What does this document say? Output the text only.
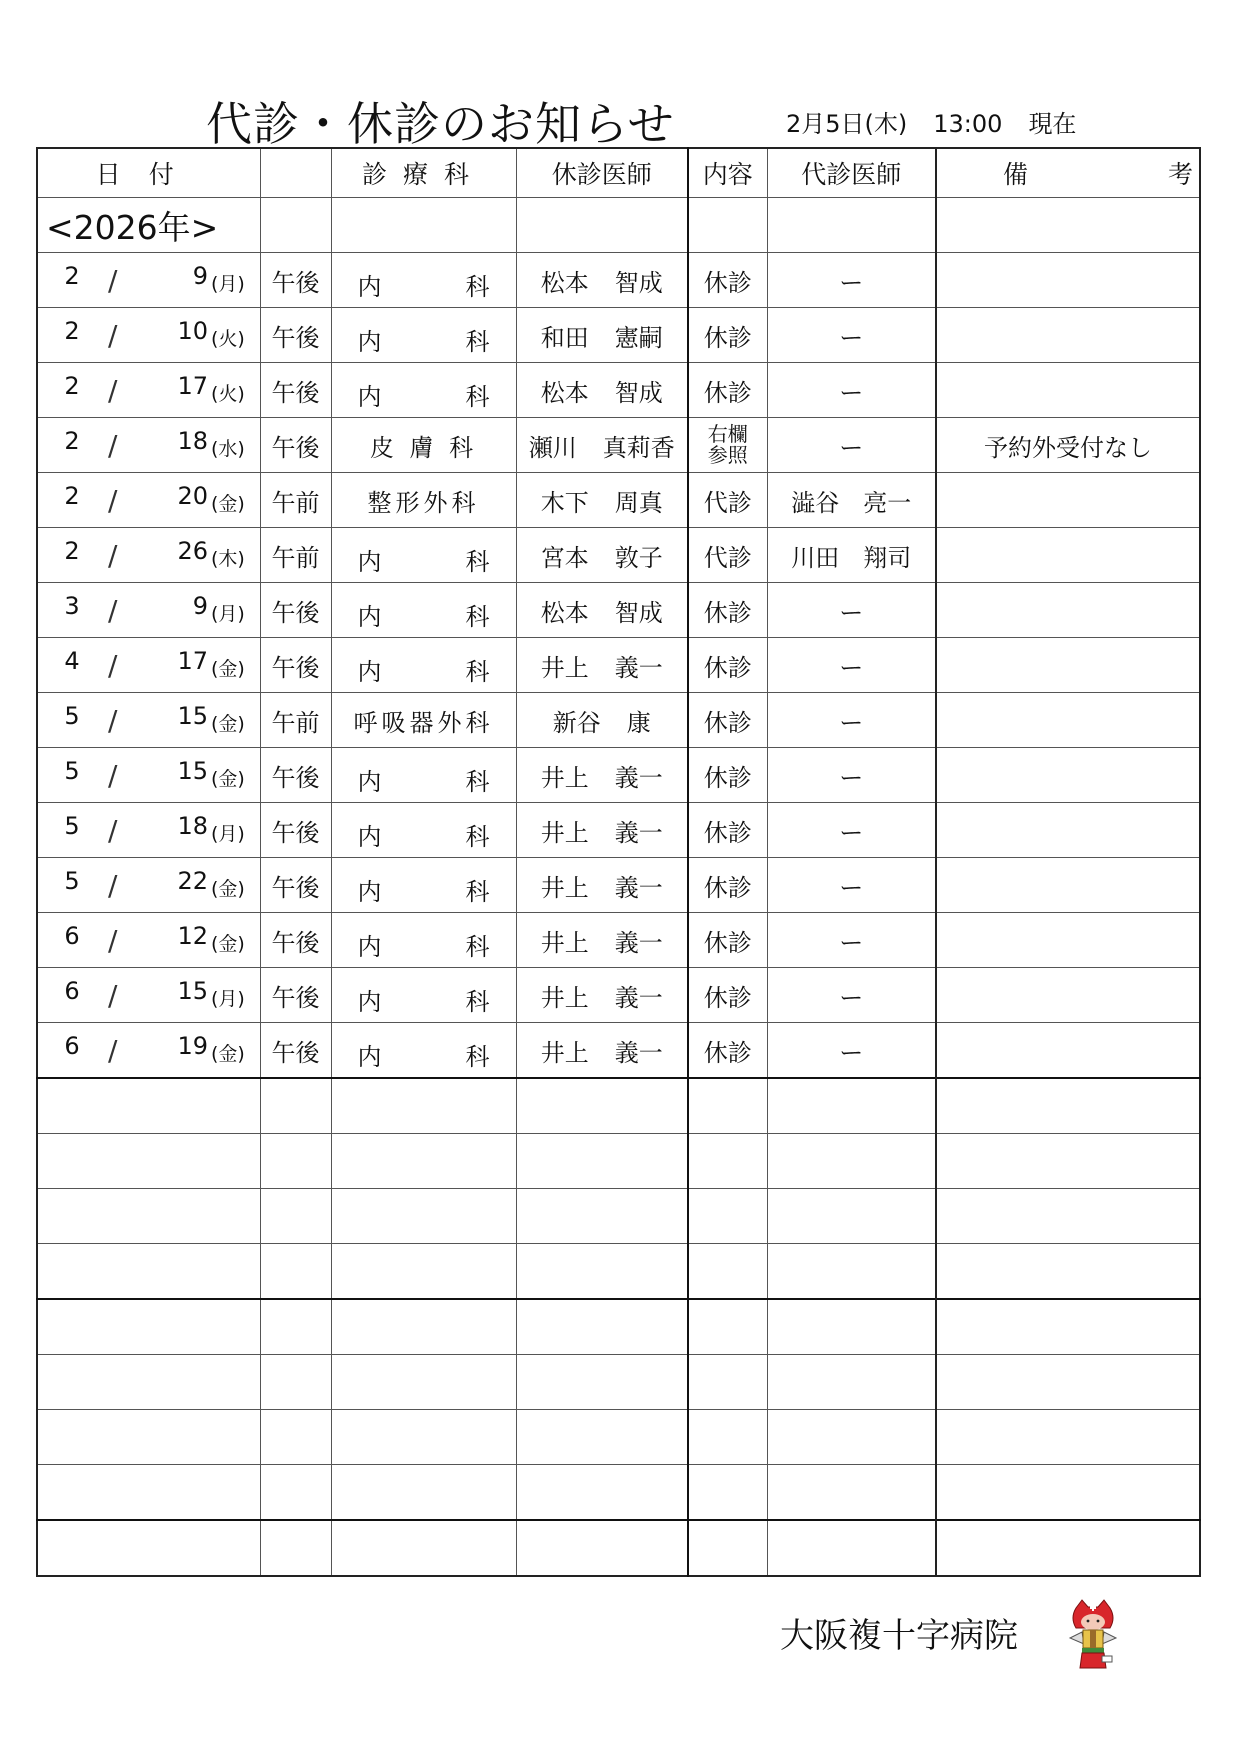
代診・休診のお知らせ	2月5日(木) 13:00 現在
日付		診療科	休診医師	内容	代診医師	備 考
<2026年>						

2 / 9 (月)	午後	内 科	松本 智成	休診	ー	

2 / 10 (火)	午後	内 科	和田 憲嗣	休診	ー	

2 / 17 (火)	午後	内 科	松本 智成	休診	ー	

2 / 18 (水)	午後	皮 膚 科	瀬川 真莉香	右欄参照	ー	予約外受付なし

2 / 20 (金)	午前	整形外科	木下 周真	代診	澁谷　亮一	

2 / 26 (木)	午前	内 科	宮本 敦子	代診	川田　翔司	

3 / 9 (月)	午後	内 科	松本 智成	休診	ー	

4 / 17 (金)	午後	内 科	井上 義一	休診	ー	

5 / 15 (金)	午前	呼吸器外科	新谷 康	休診	ー	

5 / 15 (金)	午後	内 科	井上 義一	休診	ー	

5 / 18 (月)	午後	内 科	井上 義一	休診	ー	

5 / 22 (金)	午後	内 科	井上 義一	休診	ー	

6 / 12 (金)	午後	内 科	井上 義一	休診	ー	

6 / 15 (月)	午後	内 科	井上 義一	休診	ー	

6 / 19 (金)	午後	内 科	井上 義一	休診	ー	

大阪複十字病院
